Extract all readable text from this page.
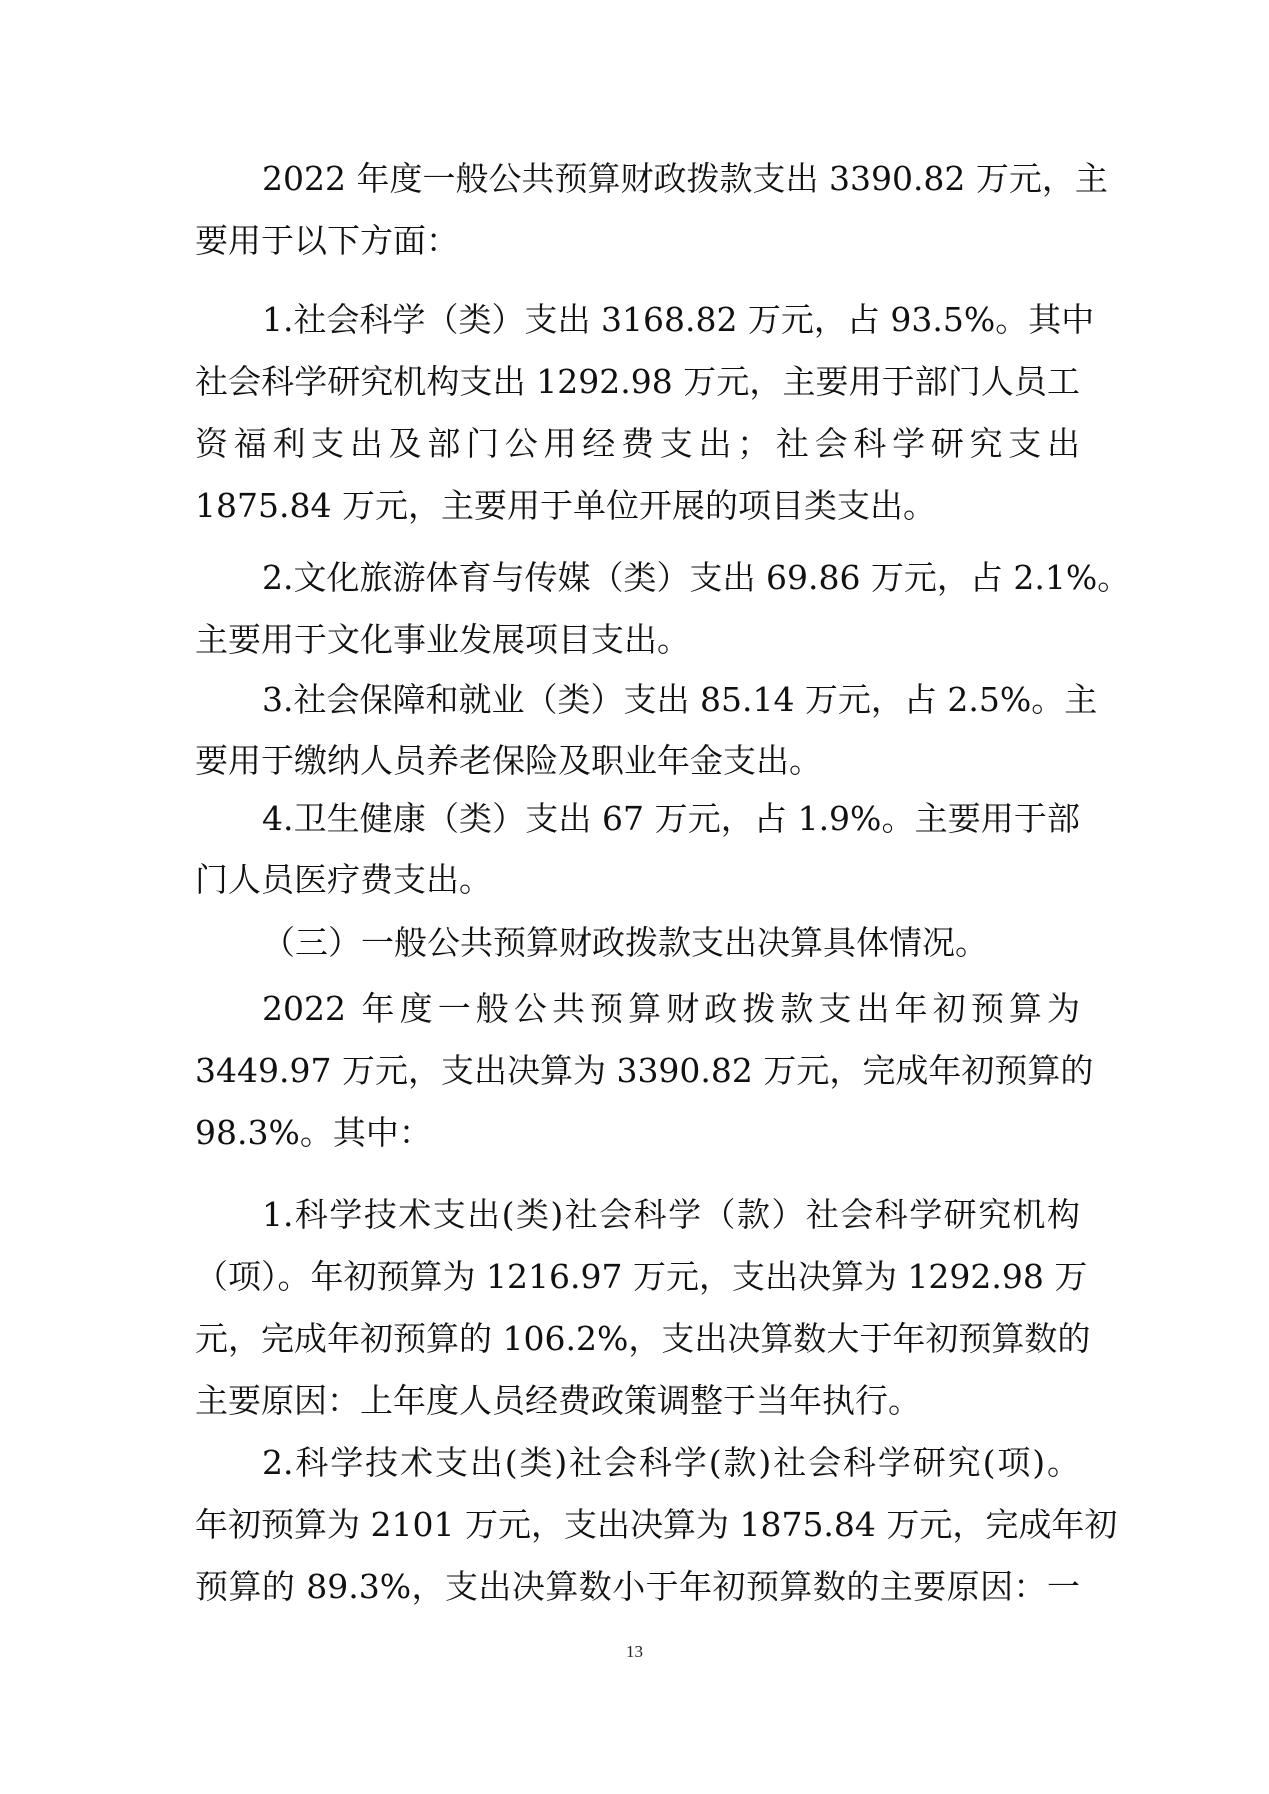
2022 年度一般公共预算财政拨款支出 3390.82 万元，主

要用于以下方面：

1.社会科学（类）支出 3168.82 万元，占 93.5%。其中

社会科学研究机构支出 1292.98 万元，主要用于部门人员工

资福利支出及部门公用经费支出；社会科学研究支出

1875.84 万元，主要用于单位开展的项目类支出。

2.文化旅游体育与传媒（类）支出 69.86 万元，占 2.1%。

主要用于文化事业发展项目支出。

3.社会保障和就业（类）支出 85.14 万元，占 2.5%。主

要用于缴纳人员养老保险及职业年金支出。

4.卫生健康（类）支出 67 万元，占 1.9%。主要用于部

门人员医疗费支出。

（三）一般公共预算财政拨款支出决算具体情况。

2022 年度一般公共预算财政拨款支出年初预算为

3449.97 万元，支出决算为 3390.82 万元，完成年初预算的

98.3%。其中：

1.科学技术支出(类)社会科学（款）社会科学研究机构

（项）。年初预算为 1216.97 万元，支出决算为 1292.98 万

元，完成年初预算的 106.2%，支出决算数大于年初预算数的

主要原因：上年度人员经费政策调整于当年执行。

2.科学技术支出(类)社会科学(款)社会科学研究(项)。

年初预算为 2101 万元，支出决算为 1875.84 万元，完成年初

预算的 89.3%，支出决算数小于年初预算数的主要原因：一

13
